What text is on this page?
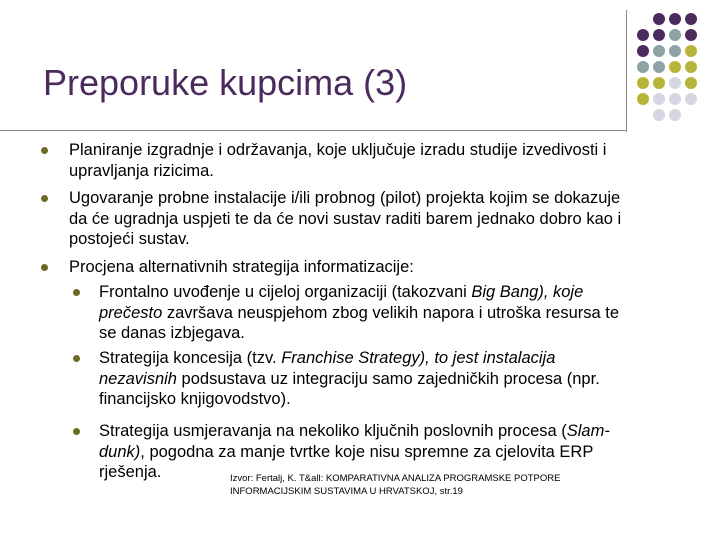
Preporuke kupcima (3)
Planiranje izgradnje i održavanja, koje uključuje izradu studije izvedivosti i
upravljanja rizicima.
Ugovaranje probne instalacije i/ili probnog (pilot) projekta kojim se dokazuje
da će ugradnja uspjeti te da će novi sustav raditi barem jednako dobro kao i
postojeći sustav.
Procjena alternativnih strategija informatizacije:
Frontalno uvođenje u cijeloj organizaciji (takozvani Big Bang), koje
prečesto završava neuspjehom zbog velikih napora i utroška resursa te
se danas izbjegava.
Strategija koncesija (tzv. Franchise Strategy), to jest instalacija
nezavisnih podsustava uz integraciju samo zajedničkih procesa (npr.
financijsko knjigovodstvo).
Strategija usmjeravanja na nekoliko ključnih poslovnih procesa (Slam-
dunk), pogodna za manje tvrtke koje nisu spremne za cjelovita ERP
rješenja.	Izvor: Fertalj, K. T&all: KOMPARATIVNA ANALIZA PROGRAMSKE POTPORE
INFORMACIJSKIM SUSTAVIMA U HRVATSKOJ, str.19
